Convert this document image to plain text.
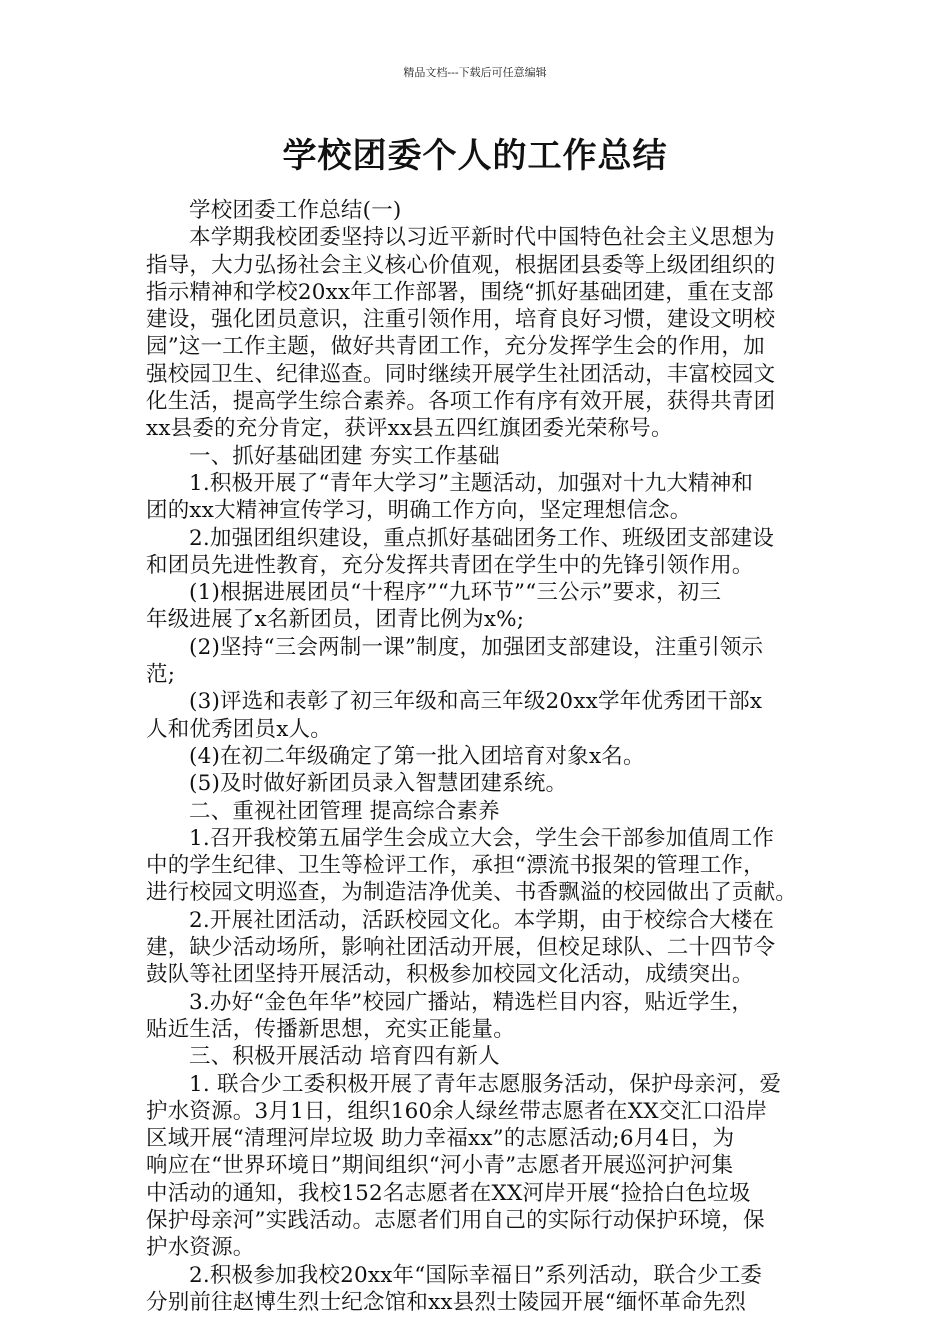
精品文档---下载后可任意编辑
学校团委个人的工作总结
学校团委工作总结(一)
本学期我校团委坚持以习近平新时代中国特色社会主义思想为
指导，大力弘扬社会主义核心价值观，根据团县委等上级团组织的
指示精神和学校20xx年工作部署，围绕“抓好基础团建，重在支部
建设，强化团员意识，注重引领作用，培育良好习惯，建设文明校
园”这一工作主题，做好共青团工作，充分发挥学生会的作用，加
强校园卫生、纪律巡查。同时继续开展学生社团活动，丰富校园文
化生活，提高学生综合素养。各项工作有序有效开展，获得共青团
xx县委的充分肯定，获评xx县五四红旗团委光荣称号。
一、抓好基础团建 夯实工作基础
1.积极开展了“青年大学习”主题活动，加强对十九大精神和
团的xx大精神宣传学习，明确工作方向，坚定理想信念。
2.加强团组织建设，重点抓好基础团务工作、班级团支部建设
和团员先进性教育，充分发挥共青团在学生中的先锋引领作用。
(1)根据进展团员“十程序”“九环节”“三公示”要求，初三
年级进展了x名新团员，团青比例为x%;
(2)坚持“三会两制一课”制度，加强团支部建设，注重引领示
范;
(3)评选和表彰了初三年级和高三年级20xx学年优秀团干部x
人和优秀团员x人。
(4)在初二年级确定了第一批入团培育对象x名。
(5)及时做好新团员录入智慧团建系统。
二、重视社团管理 提高综合素养
1.召开我校第五届学生会成立大会，学生会干部参加值周工作
中的学生纪律、卫生等检评工作，承担“漂流书报架的管理工作，
进行校园文明巡查，为制造洁净优美、书香飘溢的校园做出了贡献。
2.开展社团活动，活跃校园文化。本学期，由于校综合大楼在
建，缺少活动场所，影响社团活动开展，但校足球队、二十四节令
鼓队等社团坚持开展活动，积极参加校园文化活动，成绩突出。
3.办好“金色年华”校园广播站，精选栏目内容，贴近学生，
贴近生活，传播新思想，充实正能量。
三、积极开展活动 培育四有新人
1. 联合少工委积极开展了青年志愿服务活动，保护母亲河，爱
护水资源。3月1日，组织160余人绿丝带志愿者在XX交汇口沿岸
区域开展“清理河岸垃圾 助力幸福xx”的志愿活动;6月4日，为
响应在“世界环境日”期间组织“河小青”志愿者开展巡河护河集
中活动的通知，我校152名志愿者在XX河岸开展“捡拾白色垃圾
保护母亲河”实践活动。志愿者们用自己的实际行动保护环境，保
护水资源。
2.积极参加我校20xx年“国际幸福日”系列活动，联合少工委
分别前往赵博生烈士纪念馆和xx县烈士陵园开展“缅怀革命先烈
